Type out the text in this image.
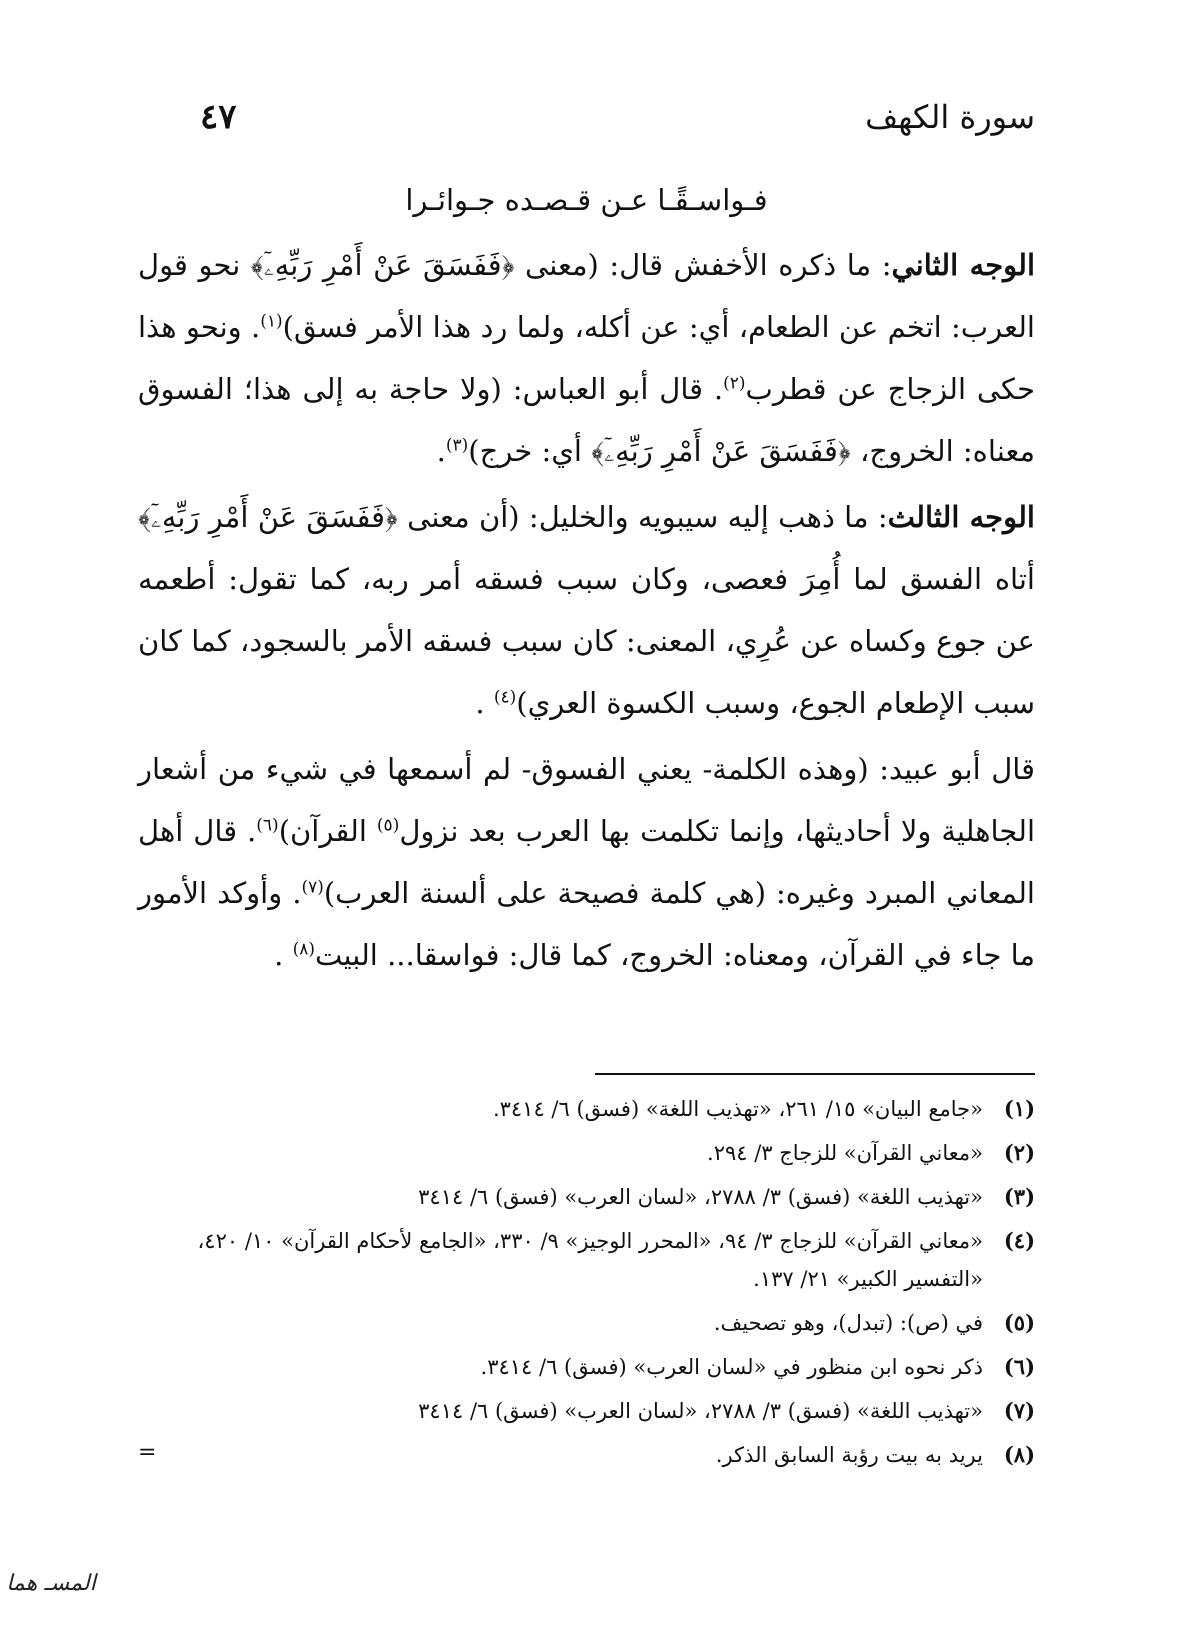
سورة الكهف
٤٧
فـواسـقًـا عـن قـصـده جـوائـرا

الوجه الثاني: ما ذكره الأخفش قال: (معنى ﴿فَفَسَقَ عَنْ أَمْرِ رَبِّهِۦٓ﴾ نحو قول العرب: اتخم عن الطعام، أي: عن أكله، ولما رد هذا الأمر فسق)$^{(١)}$. ونحو هذا حكى الزجاج عن قطرب$^{(٢)}$. قال أبو العباس: (ولا حاجة به إلى هذا؛ الفسوق معناه: الخروج، ﴿فَفَسَقَ عَنْ أَمْرِ رَبِّهِۦٓ﴾ أي: خرج)$^{(٣)}$.

الوجه الثالث: ما ذهب إليه سيبويه والخليل: (أن معنى ﴿فَفَسَقَ عَنْ أَمْرِ رَبِّهِۦٓ﴾ أتاه الفسق لما أُمِرَ فعصى، وكان سبب فسقه أمر ربه، كما تقول: أطعمه عن جوع وكساه عن عُرِي، المعنى: كان سبب فسقه الأمر بالسجود، كما كان سبب الإطعام الجوع، وسبب الكسوة العري)$^{(٤)}$ .

قال أبو عبيد: (وهذه الكلمة- يعني الفسوق- لم أسمعها في شيء من أشعار الجاهلية ولا أحاديثها، وإنما تكلمت بها العرب بعد نزول$^{(٥)}$ القرآن)$^{(٦)}$. قال أهل المعاني المبرد وغيره: (هي كلمة فصيحة على ألسنة العرب)$^{(٧)}$. وأوكد الأمور ما جاء في القرآن، ومعناه: الخروج، كما قال: فواسقا... البيت$^{(٨)}$ .

(١)
«جامع البيان» ١٥/ ٢٦١، «تهذيب اللغة» (فسق) ٦/ ٣٤١٤.
(٢)
«معاني القرآن» للزجاج ٣/ ٢٩٤.
(٣)
«تهذيب اللغة» (فسق) ٣/ ٢٧٨٨، «لسان العرب» (فسق) ٦/ ٣٤١٤
(٤)
«معاني القرآن» للزجاج ٣/ ٩٤، «المحرر الوجيز» ٩/ ٣٣٠، «الجامع لأحكام القرآن» ١٠/ ٤٢٠، «التفسير الكبير» ٢١/ ١٣٧.
(٥)
في (ص): (تبدل)، وهو تصحيف.
(٦)
ذكر نحوه ابن منظور في «لسان العرب» (فسق) ٦/ ٣٤١٤.
(٧)
«تهذيب اللغة» (فسق) ٣/ ٢٧٨٨، «لسان العرب» (فسق) ٦/ ٣٤١٤
(٨)
يريد به بيت رؤبة السابق الذكر.
=
المسـ هما
